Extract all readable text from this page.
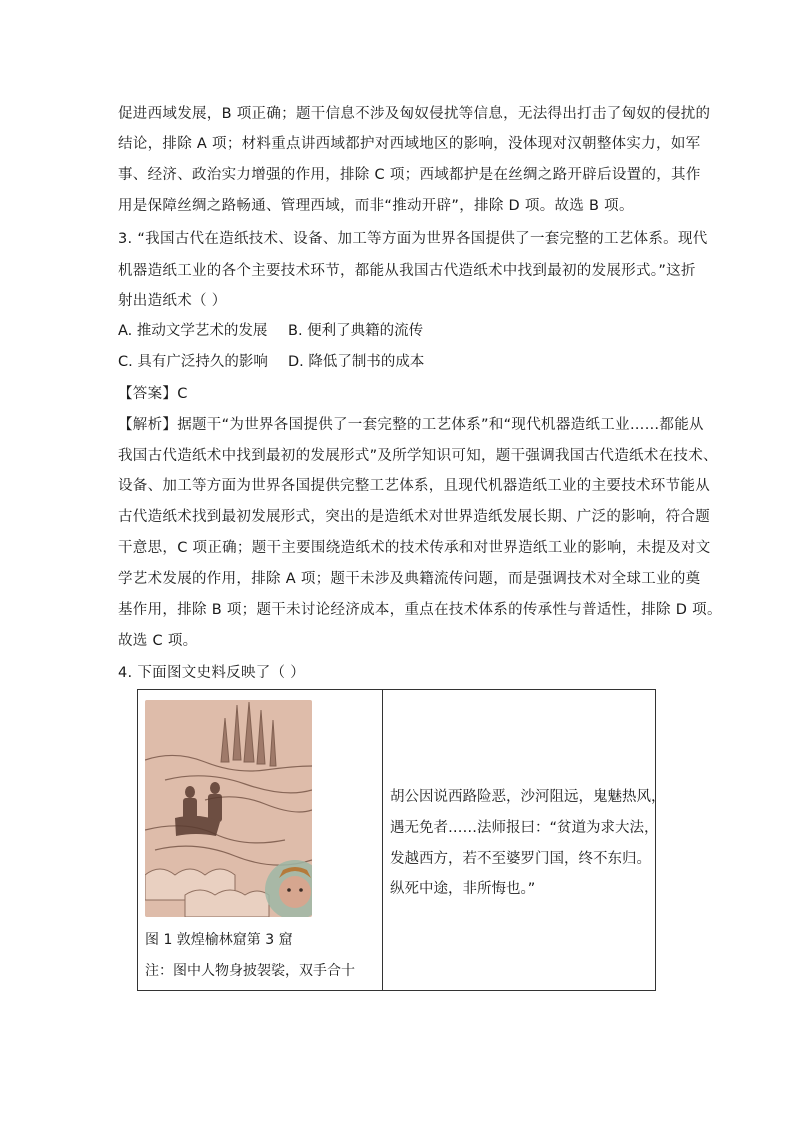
促进西域发展，B 项正确；题干信息不涉及匈奴侵扰等信息，无法得出打击了匈奴的侵扰的
结论，排除 A 项；材料重点讲西域都护对西域地区的影响，没体现对汉朝整体实力，如军
事、经济、政治实力增强的作用，排除 C 项；西域都护是在丝绸之路开辟后设置的，其作
用是保障丝绸之路畅通、管理西域，而非“推动开辟”，排除 D 项。故选 B 项。
3. “我国古代在造纸技术、设备、加工等方面为世界各国提供了一套完整的工艺体系。现代
机器造纸工业的各个主要技术环节，都能从我国古代造纸术中找到最初的发展形式。”这折
射出造纸术（ ）
A. 推动文学艺术的发展 B. 便利了典籍的流传
C. 具有广泛持久的影响 D. 降低了制书的成本
【答案】C
【解析】据题干“为世界各国提供了一套完整的工艺体系”和“现代机器造纸工业……都能从
我国古代造纸术中找到最初的发展形式”及所学知识可知，题干强调我国古代造纸术在技术、
设备、加工等方面为世界各国提供完整工艺体系，且现代机器造纸工业的主要技术环节能从
古代造纸术找到最初发展形式，突出的是造纸术对世界造纸发展长期、广泛的影响，符合题
干意思，C 项正确；题干主要围绕造纸术的技术传承和对世界造纸工业的影响，未提及对文
学艺术发展的作用，排除 A 项；题干未涉及典籍流传问题，而是强调技术对全球工业的奠
基作用，排除 B 项；题干未讨论经济成本，重点在技术体系的传承性与普适性，排除 D 项。
故选 C 项。
4. 下面图文史料反映了（ ）
图 1 敦煌榆林窟第 3 窟
注：图中人物身披袈裟，双手合十
胡公因说西路险恶，沙河阻远，鬼魅热风，
遇无免者……法师报曰：“贫道为求大法，
发越西方，若不至婆罗门国，终不东归。
纵死中途，非所悔也。”
